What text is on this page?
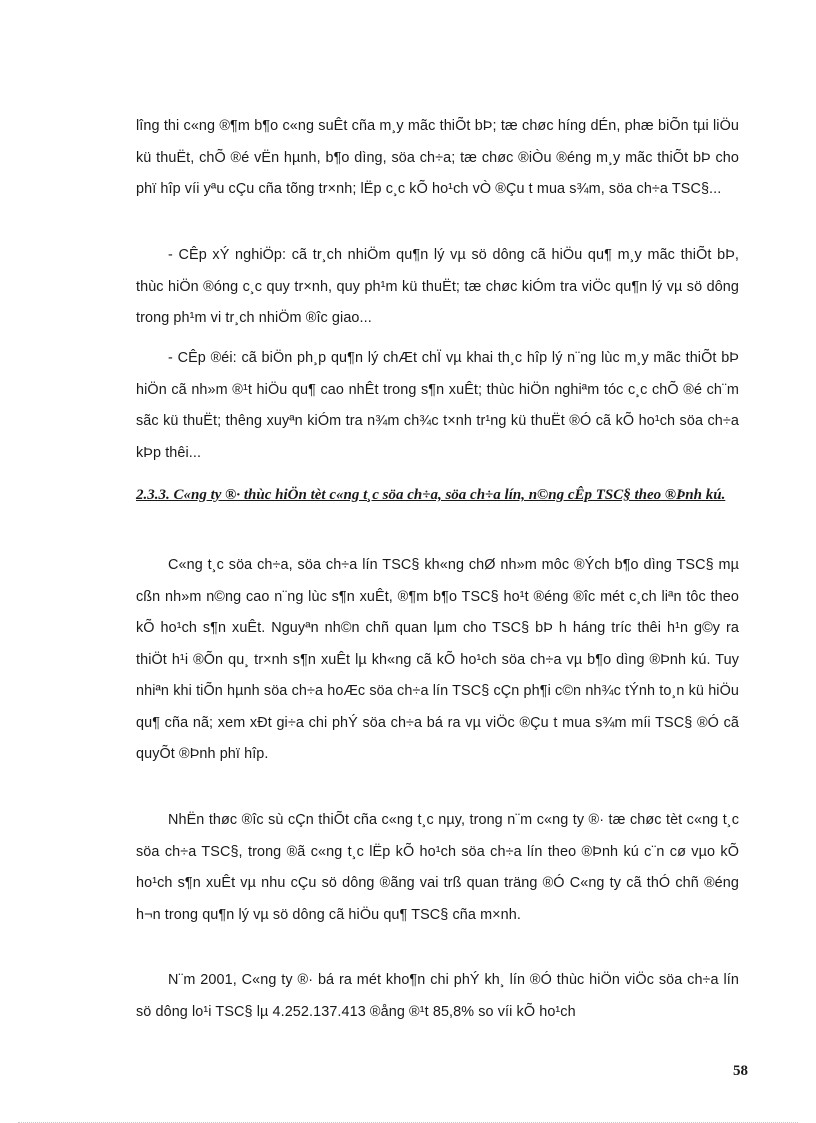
lîng thi c«ng ®¶m b¶o c«ng suÊt cña m¸y mãc thiÕt bÞ; tæ chøc híng dÉn, phæ biÕn tµi liÖu kü thuËt, chÕ ®é vËn hµnh, b¶o dìng, söa ch÷a; tæ chøc ®iÒu ®éng m¸y mãc thiÕt bÞ cho phï hîp víi yªu cÇu cña tõng tr×nh; lËp c¸c kÕ ho¹ch vÒ ®Çu t mua s¾m, söa ch÷a TSC§...

- CÊp xÝ nghiÖp: cã tr¸ch nhiÖm qu¶n lý vµ sö dông cã hiÖu qu¶ m¸y mãc thiÕt bÞ, thùc hiÖn ®óng c¸c quy tr×nh, quy ph¹m kü thuËt; tæ chøc kiÓm tra viÖc qu¶n lý vµ sö dông trong ph¹m vi tr¸ch nhiÖm ®îc giao...

- CÊp ®éi: cã biÖn ph¸p qu¶n lý chÆt chÏ vµ khai th¸c hîp lý n¨ng lùc m¸y mãc thiÕt bÞ hiÖn cã nh»m ®¹t hiÖu qu¶ cao nhÊt trong s¶n xuÊt; thùc hiÖn nghiªm tóc c¸c chÕ ®é ch¨m sãc kü thuËt; thêng xuyªn kiÓm tra n¾m ch¾c t×nh tr¹ng kü thuËt ®Ó cã kÕ ho¹ch söa ch÷a kÞp thêi...

2.3.3. C«ng ty ®· thùc hiÖn tèt c«ng t¸c söa ch÷a, söa ch÷a lín, n©ng cÊp TSC§ theo ®Þnh kú.

C«ng t¸c söa ch÷a, söa ch÷a lín TSC§ kh«ng chØ nh»m môc ®Ých b¶o dìng TSC§ mµ cßn nh»m n©ng cao n¨ng lùc s¶n xuÊt, ®¶m b¶o TSC§ ho¹t ®éng ®îc mét c¸ch liªn tôc theo kÕ ho¹ch s¶n xuÊt. Nguyªn nh©n chñ quan lµm cho TSC§ bÞ h háng tríc thêi h¹n g©y ra thiÖt h¹i ®Õn qu¸ tr×nh s¶n xuÊt lµ kh«ng cã kÕ ho¹ch söa ch÷a vµ b¶o dìng ®Þnh kú. Tuy nhiªn khi tiÕn hµnh söa ch÷a hoÆc söa ch÷a lín TSC§ cÇn ph¶i c©n nh¾c tÝnh to¸n kü hiÖu qu¶ cña nã; xem xÐt gi÷a chi phÝ söa ch÷a bá ra vµ viÖc ®Çu t mua s¾m míi TSC§ ®Ó cã quyÕt ®Þnh phï hîp.

NhËn thøc ®îc sù cÇn thiÕt cña c«ng t¸c nµy, trong n¨m c«ng ty ®· tæ chøc tèt c«ng t¸c söa ch÷a TSC§, trong ®ã c«ng t¸c lËp kÕ ho¹ch söa ch÷a lín theo ®Þnh kú c¨n cø vµo kÕ ho¹ch s¶n xuÊt vµ nhu cÇu sö dông ®ãng vai trß quan träng ®Ó C«ng ty cã thÓ chñ ®éng h¬n trong qu¶n lý vµ sö dông cã hiÖu qu¶ TSC§ cña m×nh.

N¨m 2001, C«ng ty ®· bá ra mét kho¶n chi phÝ kh¸ lín ®Ó thùc hiÖn viÖc söa ch÷a lín sö dông lo¹i TSC§ lµ 4.252.137.413 ®ång ®¹t 85,8% so víi kÕ ho¹ch

58
